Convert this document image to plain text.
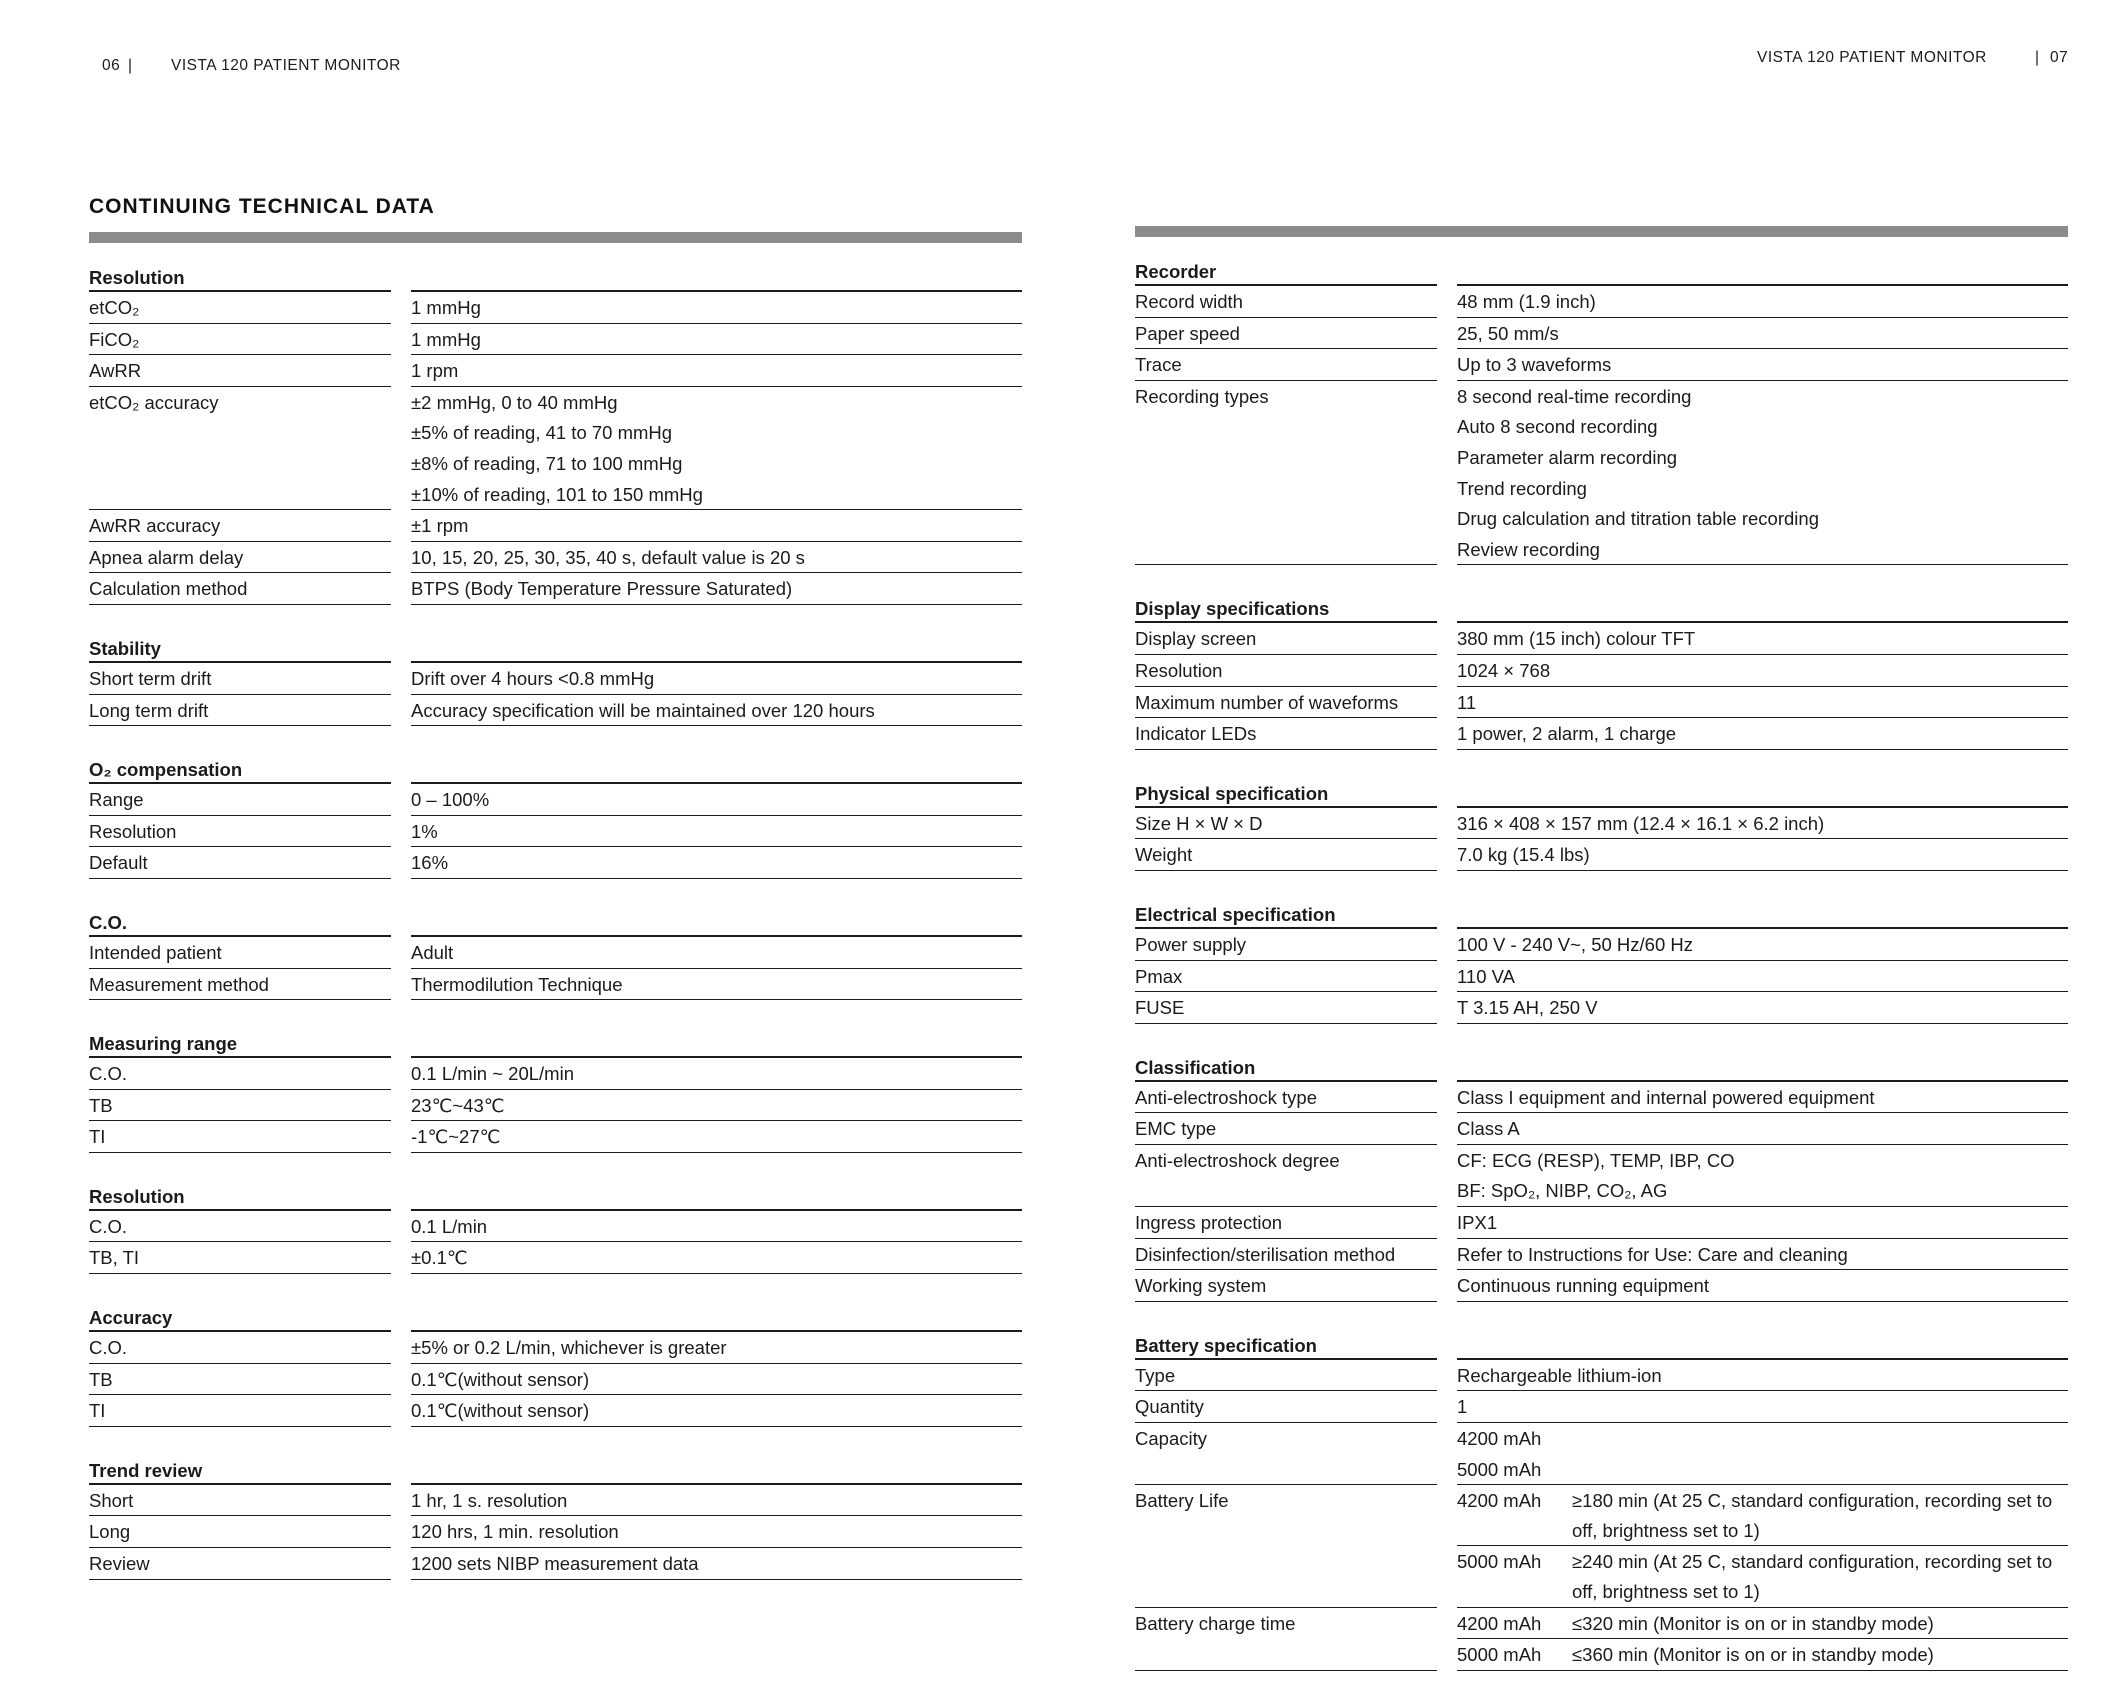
06 | VISTA 120 PATIENT MONITOR	VISTA 120 PATIENT MONITOR	| 07
CONTINUING TECHNICAL DATA
Resolution
etCO₂	1 mmHg
FiCO₂	1 mmHg
AwRR	1 rpm
etCO₂ accuracy	±2 mmHg, 0 to 40 mmHg
±5% of reading, 41 to 70 mmHg
±8% of reading, 71 to 100 mmHg
±10% of reading, 101 to 150 mmHg
AwRR accuracy	±1 rpm
Apnea alarm delay	10, 15, 20, 25, 30, 35, 40 s, default value is 20 s
Calculation method	BTPS (Body Temperature Pressure Saturated)
Stability
Short term drift	Drift over 4 hours <0.8 mmHg
Long term drift	Accuracy specification will be maintained over 120 hours
O₂ compensation
Range	0 – 100%
Resolution	1%
Default	16%
C.O.
Intended patient	Adult
Measurement method	Thermodilution Technique
Measuring range
C.O.	0.1 L/min ~ 20L/min
TB	23℃~43℃
TI	-1℃~27℃
Resolution
C.O.	0.1 L/min
TB, TI	±0.1℃
Accuracy
C.O.	±5% or 0.2 L/min, whichever is greater
TB	0.1℃(without sensor)
TI	0.1℃(without sensor)
Trend review
Short	1 hr, 1 s. resolution
Long	120 hrs, 1 min. resolution
Review	1200 sets NIBP measurement data
Recorder
Record width	48 mm (1.9 inch)
Paper speed	25, 50 mm/s
Trace	Up to 3 waveforms
Recording types	8 second real-time recording
Auto 8 second recording
Parameter alarm recording
Trend recording
Drug calculation and titration table recording
Review recording
Display specifications
Display screen	380 mm (15 inch) colour TFT
Resolution	1024 × 768
Maximum number of waveforms	11
Indicator LEDs	1 power, 2 alarm, 1 charge
Physical specification
Size H × W × D	316 × 408 × 157 mm (12.4 × 16.1 × 6.2 inch)
Weight	7.0 kg (15.4 lbs)
Electrical specification
Power supply	100 V - 240 V~, 50 Hz/60 Hz
Pmax	110 VA
FUSE	T 3.15 AH, 250 V
Classification
Anti-electroshock type	Class I equipment and internal powered equipment
EMC type	Class A
Anti-electroshock degree	CF: ECG (RESP), TEMP, IBP, CO
BF: SpO₂, NIBP, CO₂, AG
Ingress protection	IPX1
Disinfection/sterilisation method	Refer to Instructions for Use: Care and cleaning
Working system	Continuous running equipment
Battery specification
Type	Rechargeable lithium-ion
Quantity	1
Capacity	4200 mAh
5000 mAh
Battery Life	4200 mAh	≥180 min (At 25 C, standard configuration, recording set to off, brightness set to 1)
5000 mAh	≥240 min (At 25 C, standard configuration, recording set to off, brightness set to 1)
Battery charge time	4200 mAh	≤320 min (Monitor is on or in standby mode)
5000 mAh	≤360 min (Monitor is on or in standby mode)
